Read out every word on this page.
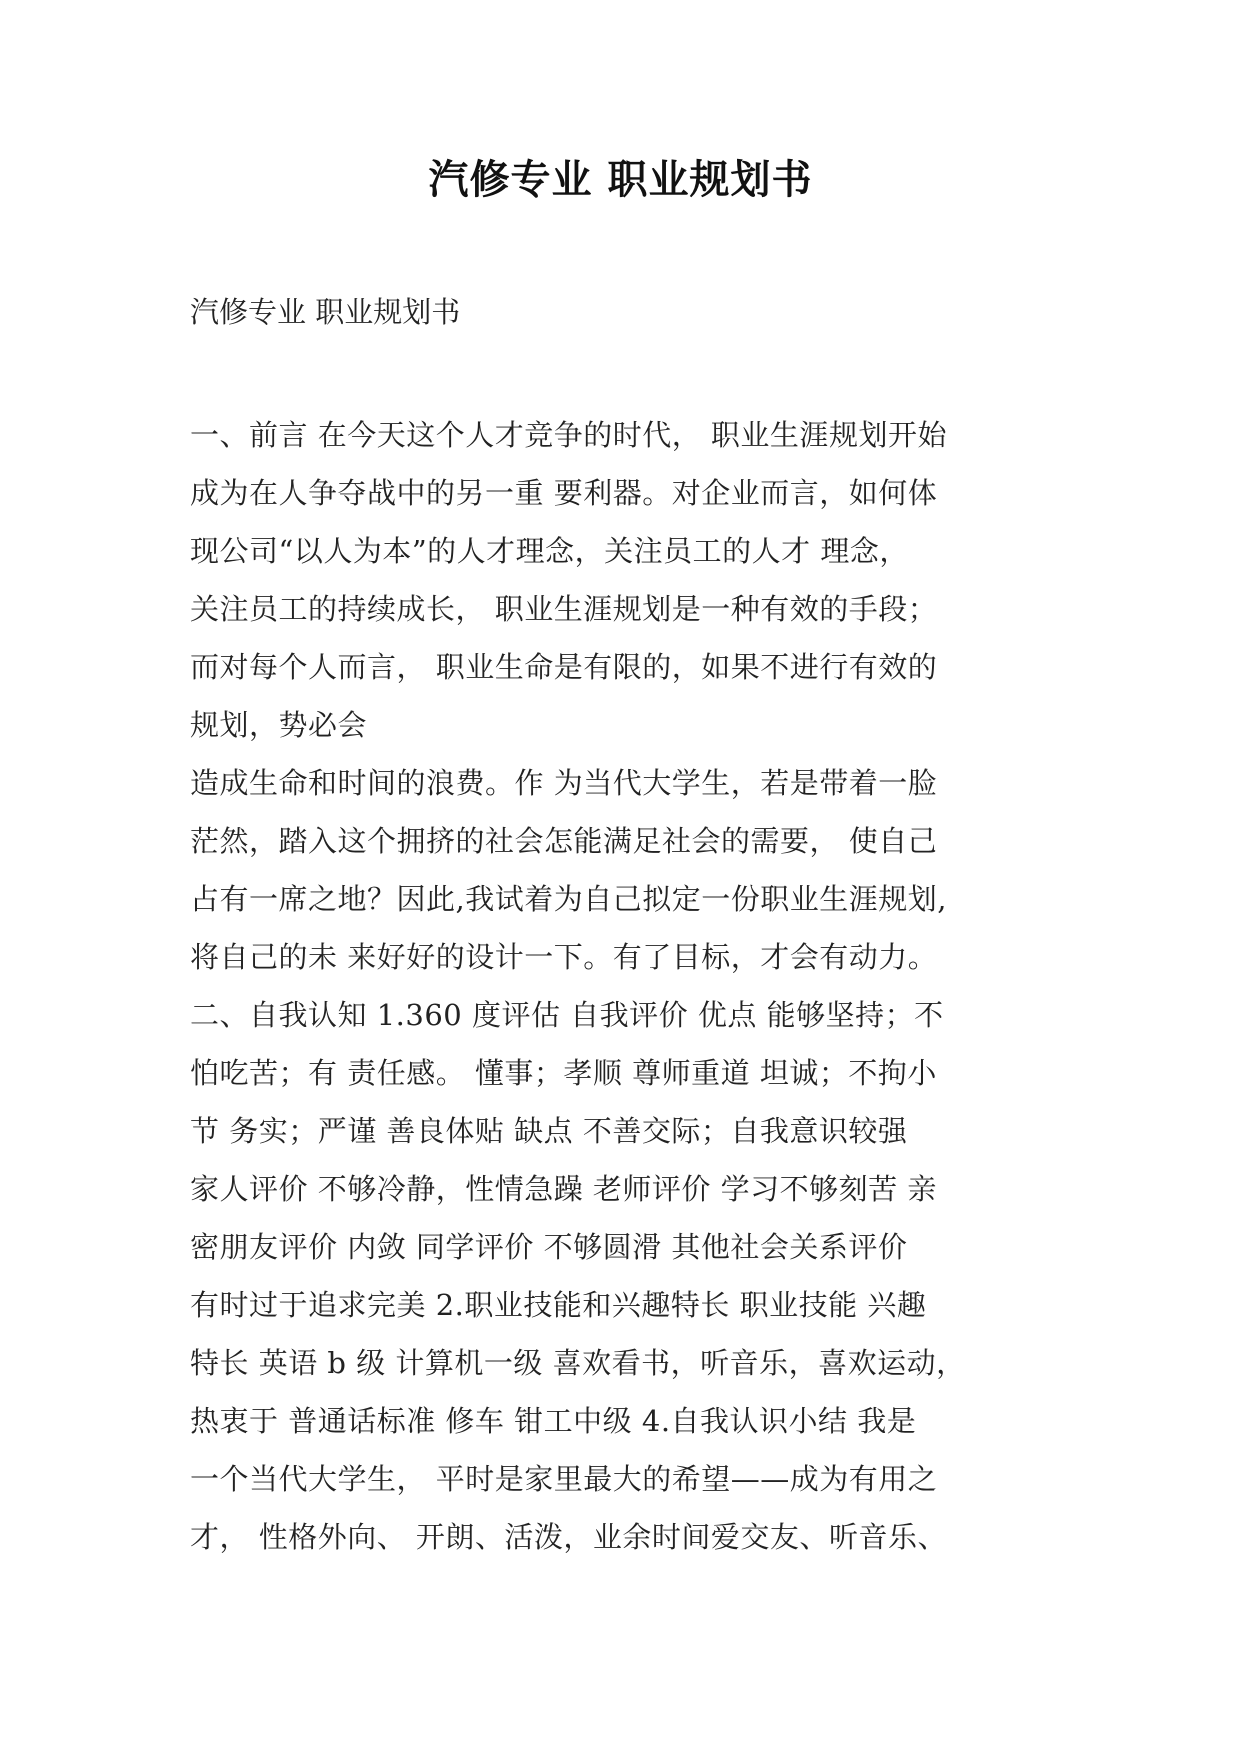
汽修专业 职业规划书
汽修专业 职业规划书
一、前言 在今天这个人才竞争的时代， 职业生涯规划开始
成为在人争夺战中的另一重 要利器。对企业而言，如何体
现公司“以人为本”的人才理念，关注员工的人才 理念，
关注员工的持续成长， 职业生涯规划是一种有效的手段；
而对每个人而言， 职业生命是有限的，如果不进行有效的
规划，势必会
造成生命和时间的浪费。作 为当代大学生，若是带着一脸
茫然，踏入这个拥挤的社会怎能满足社会的需要， 使自己
占有一席之地？因此,我试着为自己拟定一份职业生涯规划,
将自己的未 来好好的设计一下。有了目标，才会有动力。
二、自我认知 1.360 度评估 自我评价 优点 能够坚持；不
怕吃苦；有 责任感。 懂事；孝顺 尊师重道 坦诚；不拘小
节 务实；严谨 善良体贴 缺点 不善交际；自我意识较强
家人评价 不够冷静，性情急躁 老师评价 学习不够刻苦 亲
密朋友评价 内敛 同学评价 不够圆滑 其他社会关系评价
有时过于追求完美 2.职业技能和兴趣特长 职业技能 兴趣
特长 英语 b 级 计算机一级 喜欢看书，听音乐，喜欢运动，
热衷于 普通话标准 修车 钳工中级 4.自我认识小结 我是
一个当代大学生， 平时是家里最大的希望——成为有用之
才， 性格外向、 开朗、活泼，业余时间爱交友、听音乐、
